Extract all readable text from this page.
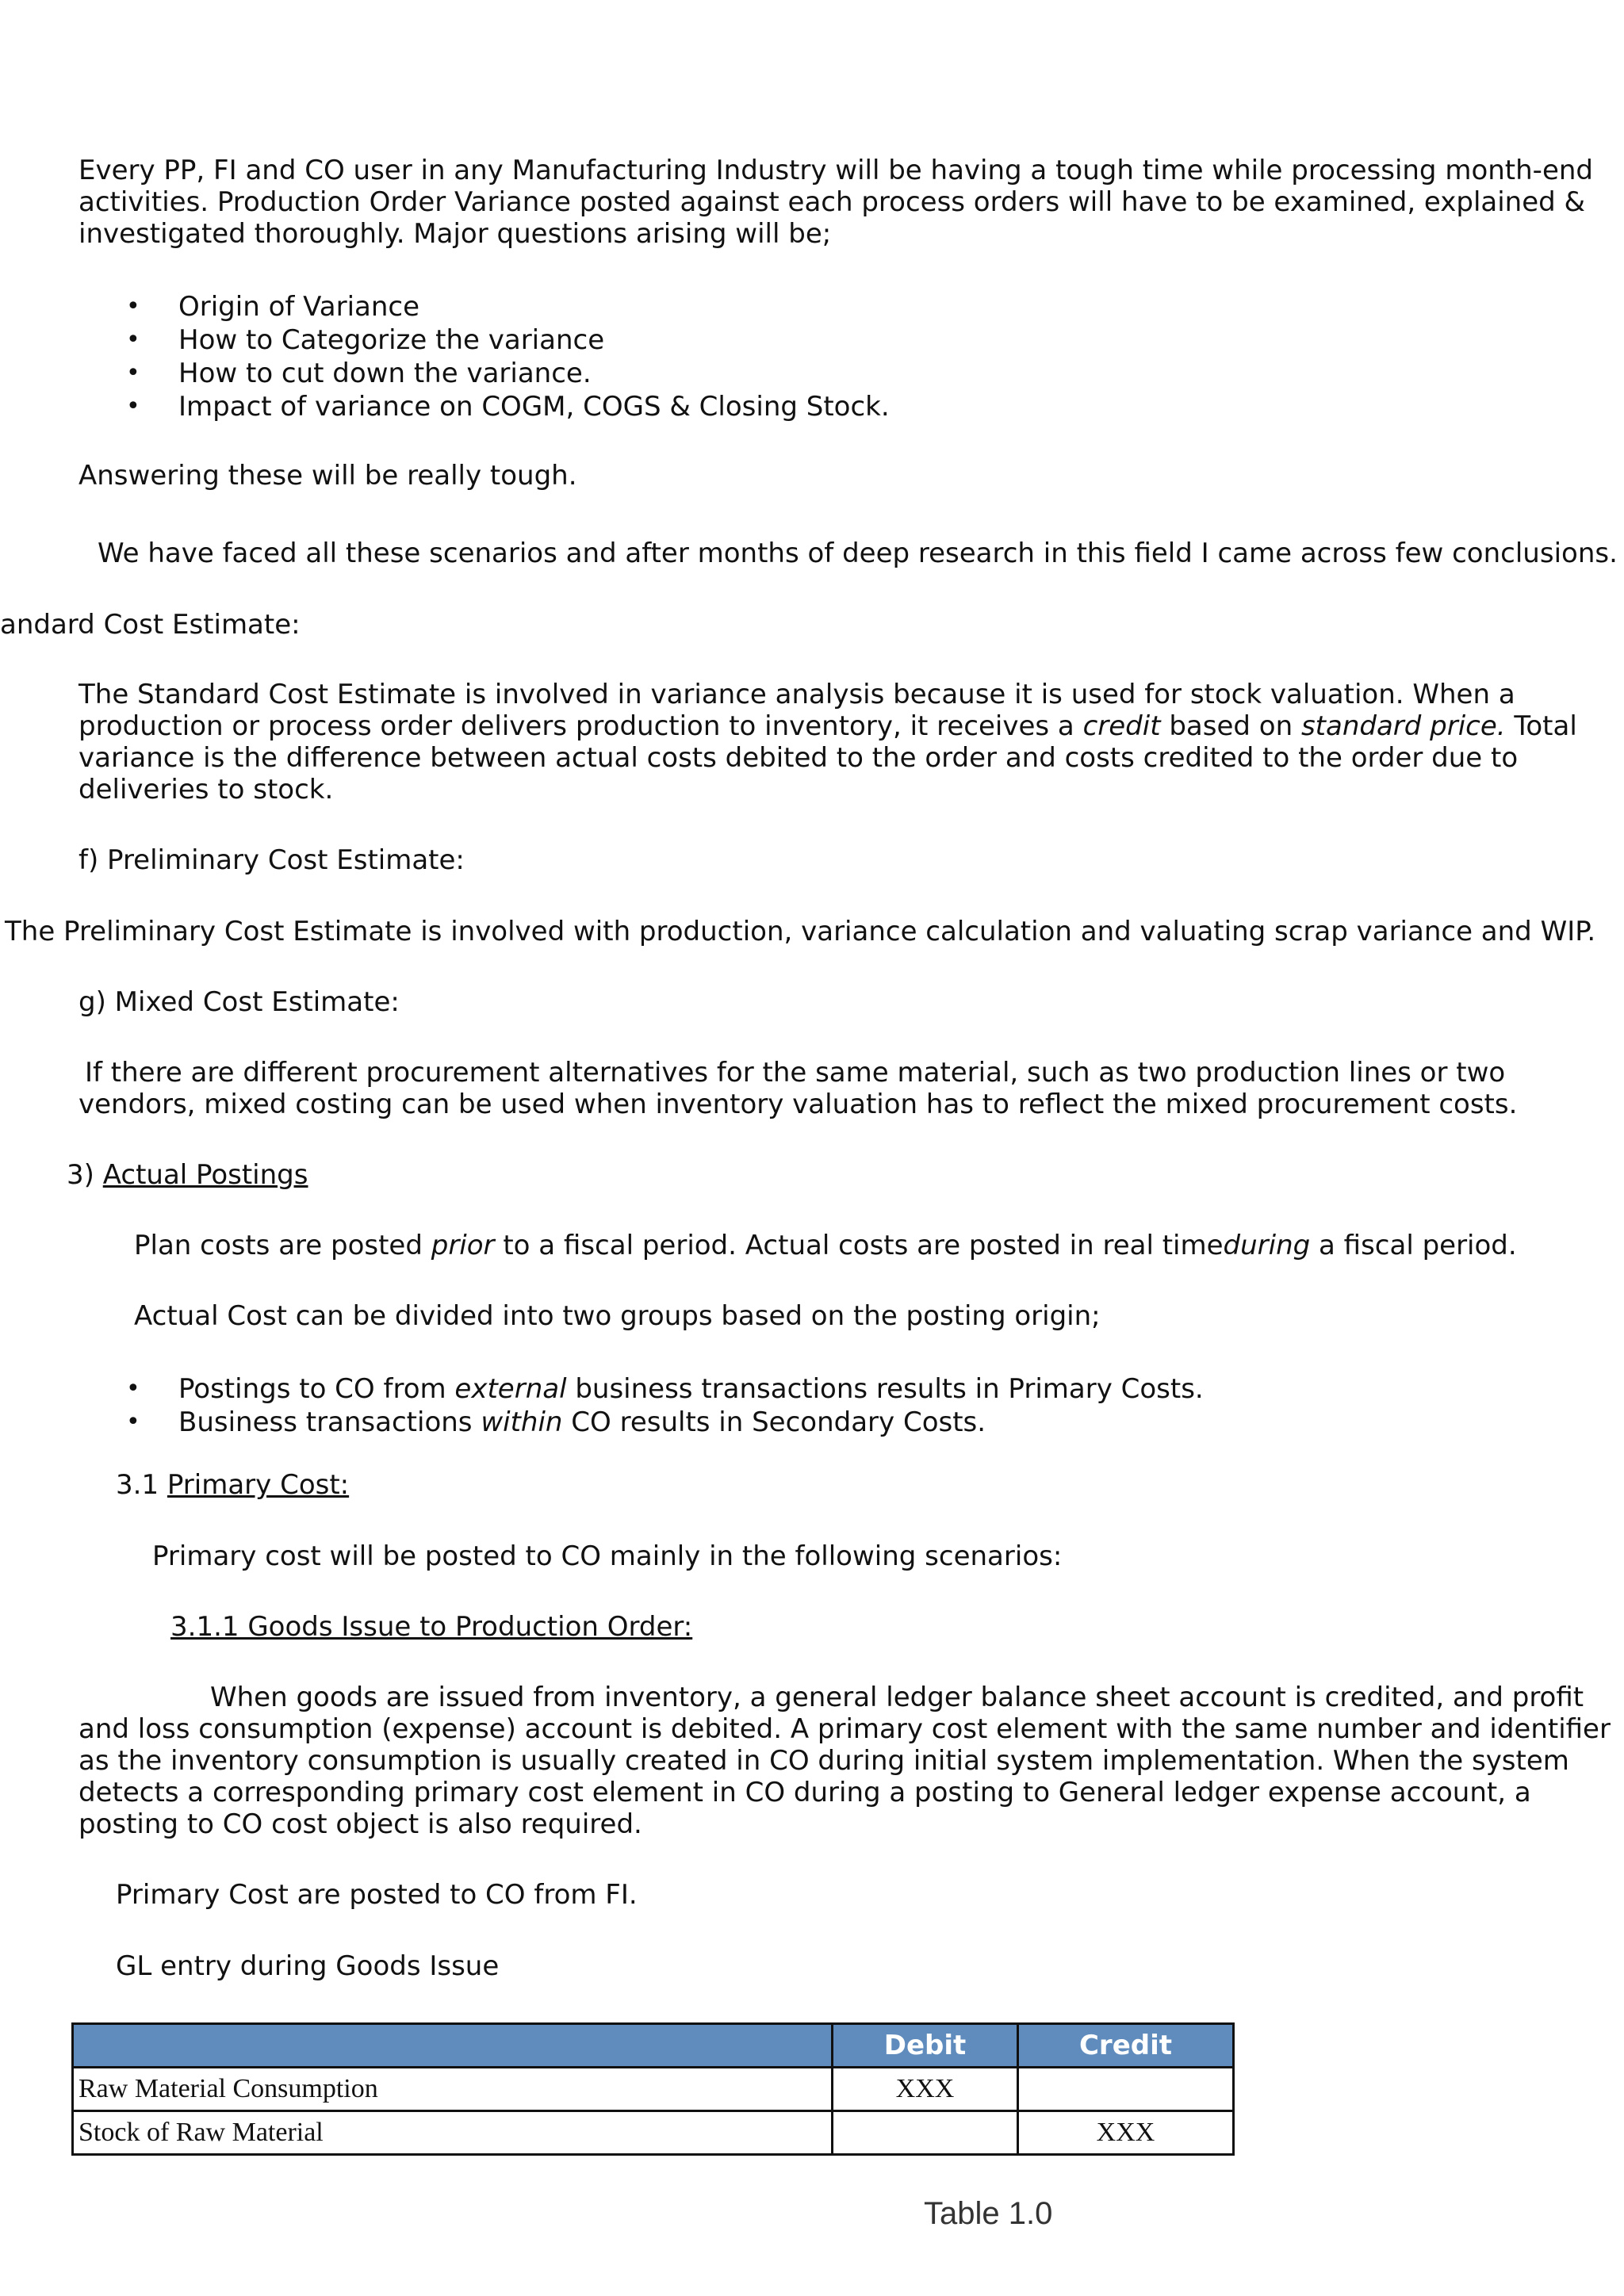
Every PP, FI and CO user in any Manufacturing Industry will be having a tough time while processing month-end

activities. Production Order Variance posted against each process orders will have to be examined, explained &

investigated thoroughly. Major questions arising will be;

• Origin of Variance
• How to Categorize the variance
• How to cut down the variance.
• Impact of variance on COGM, COGS & Closing Stock.

Answering these will be really tough.

We have faced all these scenarios and after months of deep research in this field I came across few conclusions.

andard Cost Estimate:

The Standard Cost Estimate is involved in variance analysis because it is used for stock valuation. When a

production or process order delivers production to inventory, it receives a credit based on standard price. Total

variance is the difference between actual costs debited to the order and costs credited to the order due to

deliveries to stock.

f) Preliminary Cost Estimate:

The Preliminary Cost Estimate is involved with production, variance calculation and valuating scrap variance and WIP.

g) Mixed Cost Estimate:

If there are different procurement alternatives for the same material, such as two production lines or two

vendors, mixed costing can be used when inventory valuation has to reflect the mixed procurement costs.

3) Actual Postings

Plan costs are posted prior to a fiscal period. Actual costs are posted in real timeduring a fiscal period.

Actual Cost can be divided into two groups based on the posting origin;

• Postings to CO from external business transactions results in Primary Costs.
• Business transactions within CO results in Secondary Costs.

3.1 Primary Cost:

Primary cost will be posted to CO mainly in the following scenarios:

3.1.1 Goods Issue to Production Order:

When goods are issued from inventory, a general ledger balance sheet account is credited, and profit

and loss consumption (expense) account is debited. A primary cost element with the same number and identifier

as the inventory consumption is usually created in CO during initial system implementation. When the system

detects a corresponding primary cost element in CO during a posting to General ledger expense account, a

posting to CO cost object is also required.

Primary Cost are posted to CO from FI.

GL entry during Goods Issue

	Debit	Credit
Raw Material Consumption	XXX	
Stock of Raw Material		XXX
Table 1.0
